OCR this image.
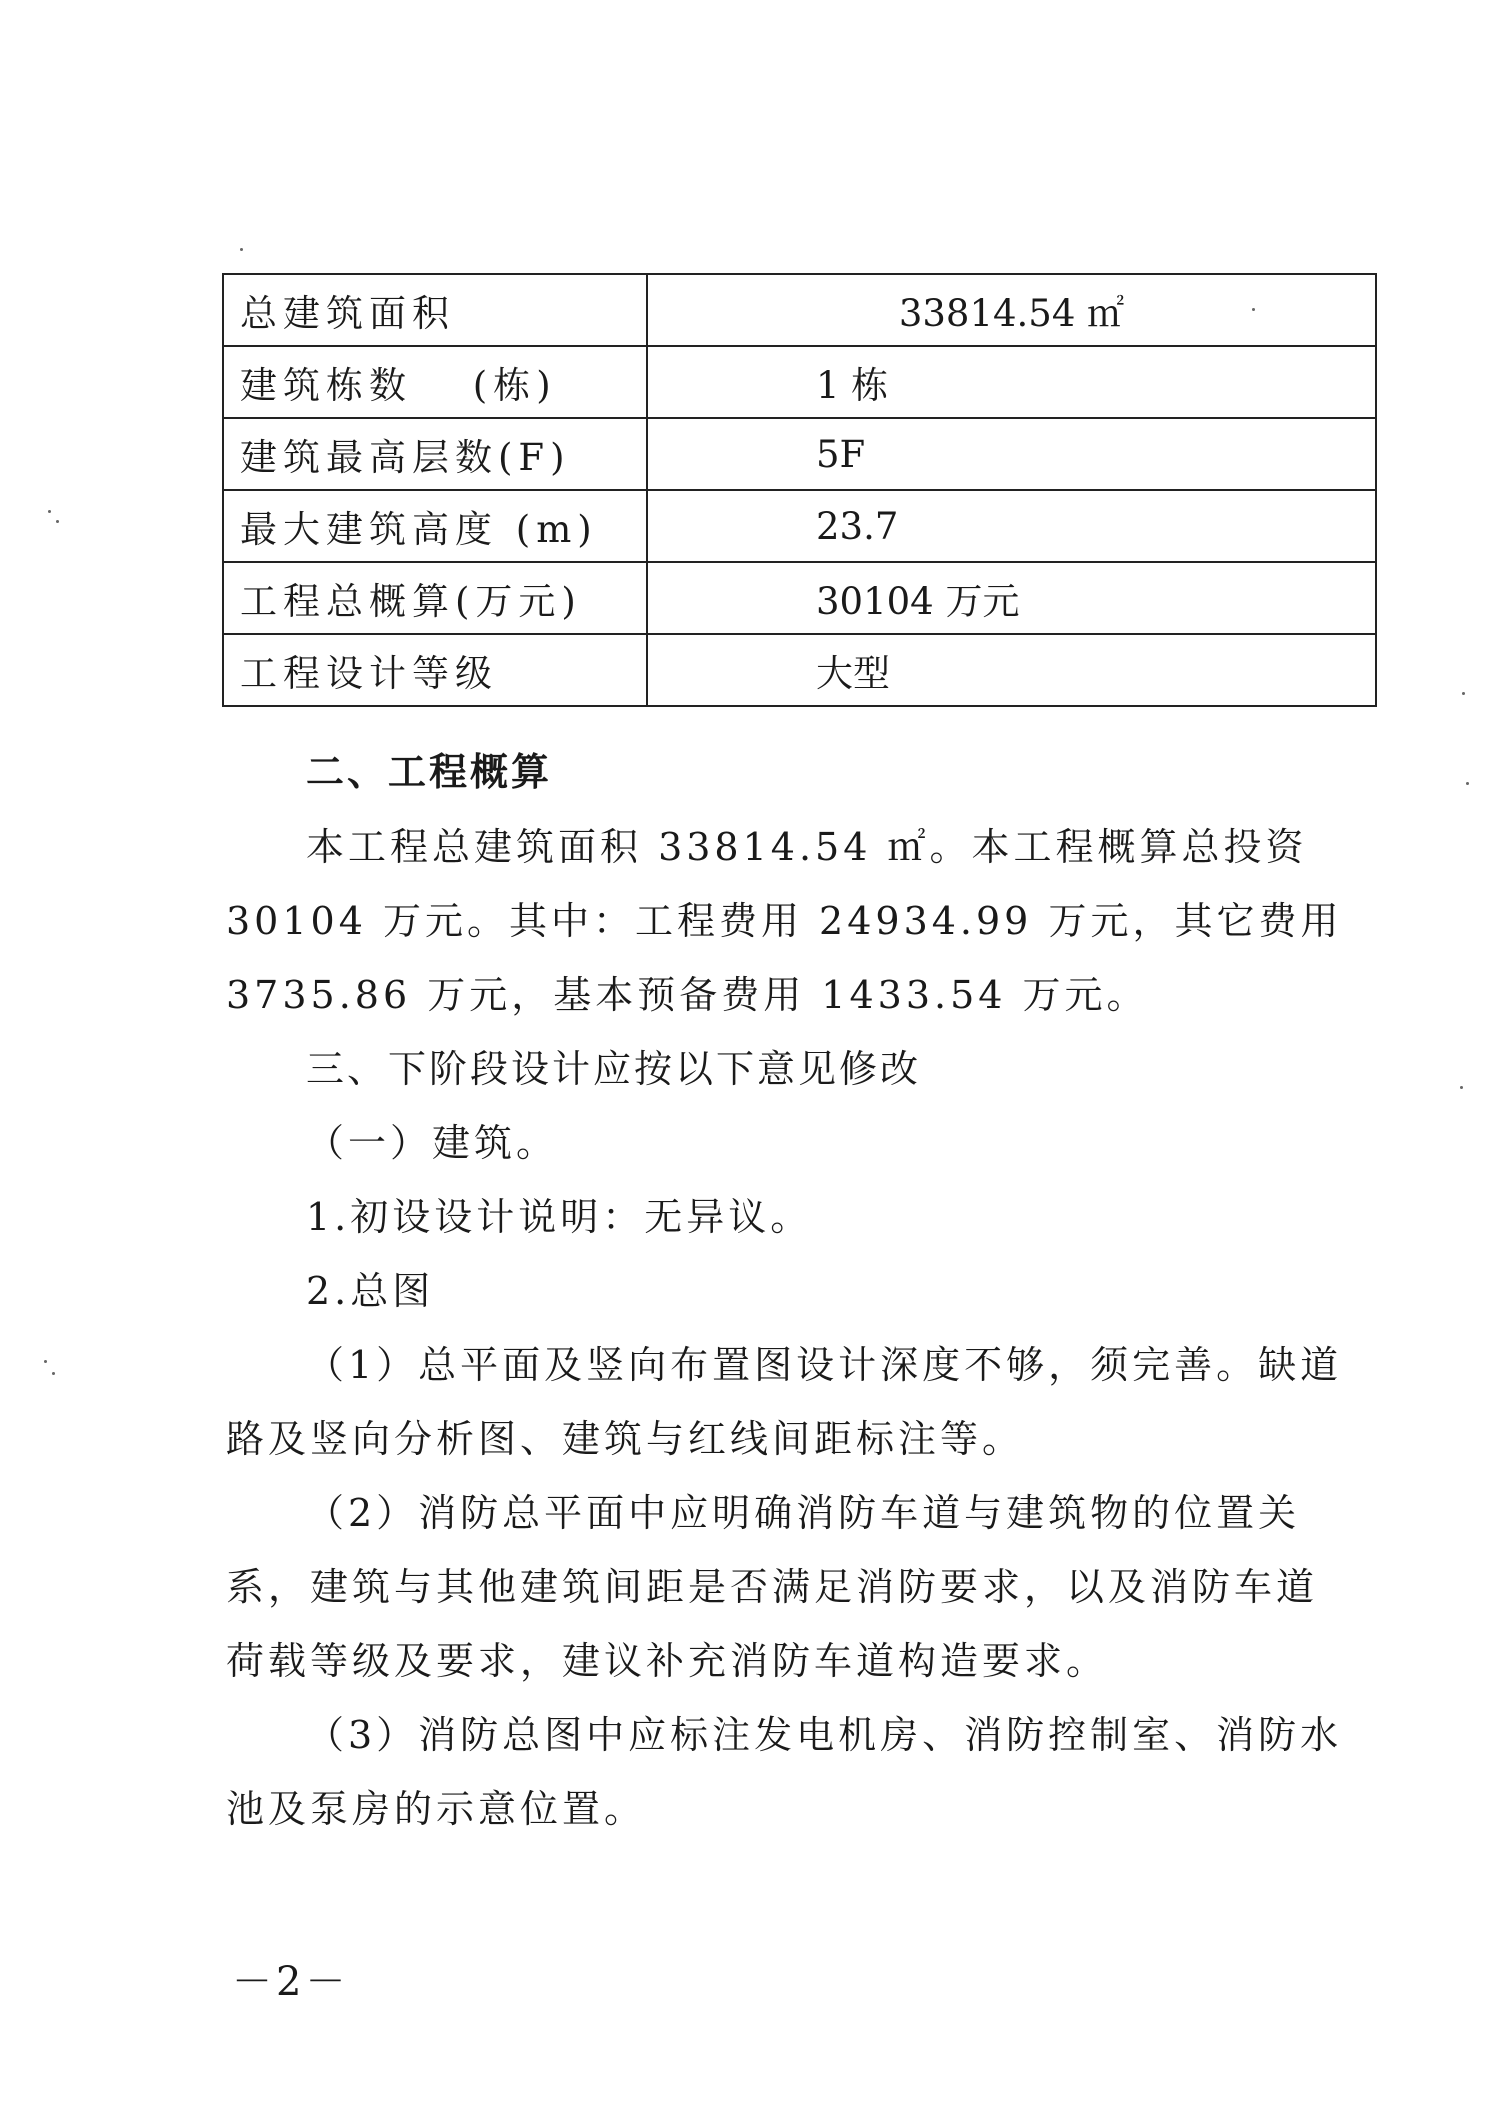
总建筑面积	33814.54 ㎡
建筑栋数　 (栋)	1 栋
建筑最高层数(F)	5F
最大建筑高度 (m)	23.7
工程总概算(万元)	30104 万元
工程设计等级	大型

二、工程概算

本工程总建筑面积 33814.54 ㎡。本工程概算总投资 30104 万元。其中：工程费用 24934.99 万元，其它费用 3735.86 万元，基本预备费用 1433.54 万元。

三、下阶段设计应按以下意见修改

（一）建筑。

1.初设设计说明：无异议。

2.总图

（1）总平面及竖向布置图设计深度不够，须完善。缺道路及竖向分析图、建筑与红线间距标注等。

（2）消防总平面中应明确消防车道与建筑物的位置关系，建筑与其他建筑间距是否满足消防要求，以及消防车道荷载等级及要求，建议补充消防车道构造要求。

（3）消防总图中应标注发电机房、消防控制室、消防水池及泵房的示意位置。

－2－
